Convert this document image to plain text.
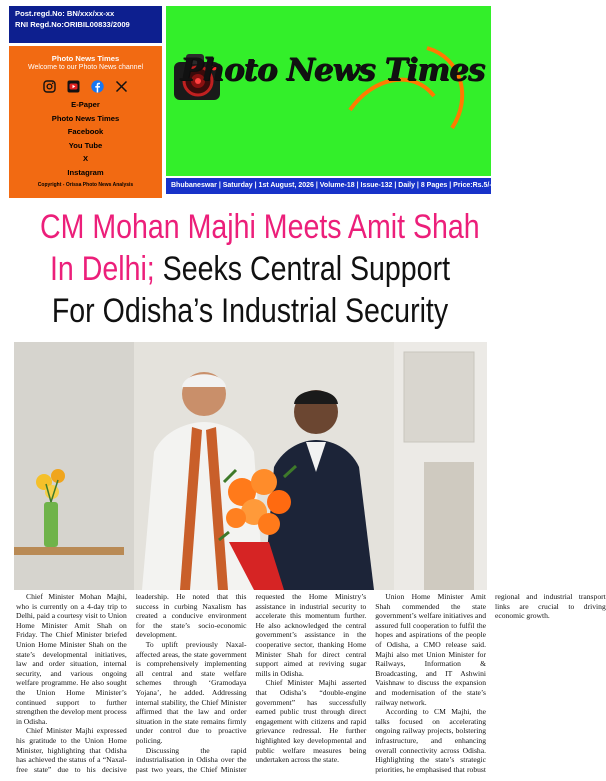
Post.regd.No: BN/xxx/xx-xx
RNI Regd.No:ORIBIL00833/2009
Photo News Times
Welcome to our Photo News channel
E-Paper
Photo News Times
Facebook
You Tube
X
Instagram
Copyright - Orissa Photo News Analysis
Photo News Times
Bhubaneswar | Saturday | 1st August, 2026 | Volume-18 | Issue-132 | Daily | 8 Pages | Price:Rs.5/-
CM Mohan Majhi Meets Amit Shah
In Delhi; Seeks Central Support
For Odisha’s Industrial Security

Chief Minister Mohan Majhi, who is currently on a 4-day trip to Delhi, paid a courtesy visit to Union Home Minister Amit Shah on Friday. The Chief Minister briefed Union Home Minister Shah on the state’s developmental initiatives, law and order situation, internal security, and various ongoing welfare programme. He also sought the Union Home Minister’s continued support to further strengthen the develop ment process in Odisha.

Chief Minister Majhi expressed his gratitude to the Union Home Minister, highlighting that Odisha has achieved the status of a “Naxal-free state” due to his decisive leadership. He noted that this success in curbing Naxalism has created a conducive environment for the state’s socio-economic development.

To uplift previously Naxal-affected areas, the state government is comprehensively implementing all central and state welfare schemes through ‘Gramodaya Yojana’, he added. Addressing internal stability, the Chief Minister affirmed that the law and order situation in the state remains firmly under control due to proactive policing.

Discussing the rapid industrialisation in Odisha over the past two years, the Chief Minister requested the Home Ministry’s assistance in industrial security to accelerate this momentum further. He also acknowledged the central government’s assistance in the cooperative sector, thanking Home Minister Shah for direct central support aimed at reviving sugar mills in Odisha.

Chief Minister Majhi asserted that Odisha’s “double-engine government” has successfully earned public trust through direct engagement with citizens and rapid grievance redressal. He further highlighted key developmental and public welfare measures being undertaken across the state.

Union Home Minister Amit Shah commended the state government’s welfare initiatives and assured full cooperation to fulfil the hopes and aspirations of the people of Odisha, a CMO release said. Majhi also met Union Minister for Railways, Information & Broadcasting, and IT Ashwini Vaishnaw to discuss the expansion and modernisation of the state’s railway network.

According to CM Majhi, the talks focused on accelerating ongoing railway projects, bolstering infrastructure, and enhancing overall connectivity across Odisha. Highlighting the state’s strategic priorities, he emphasised that robust regional and industrial transport links are crucial to driving economic growth.
